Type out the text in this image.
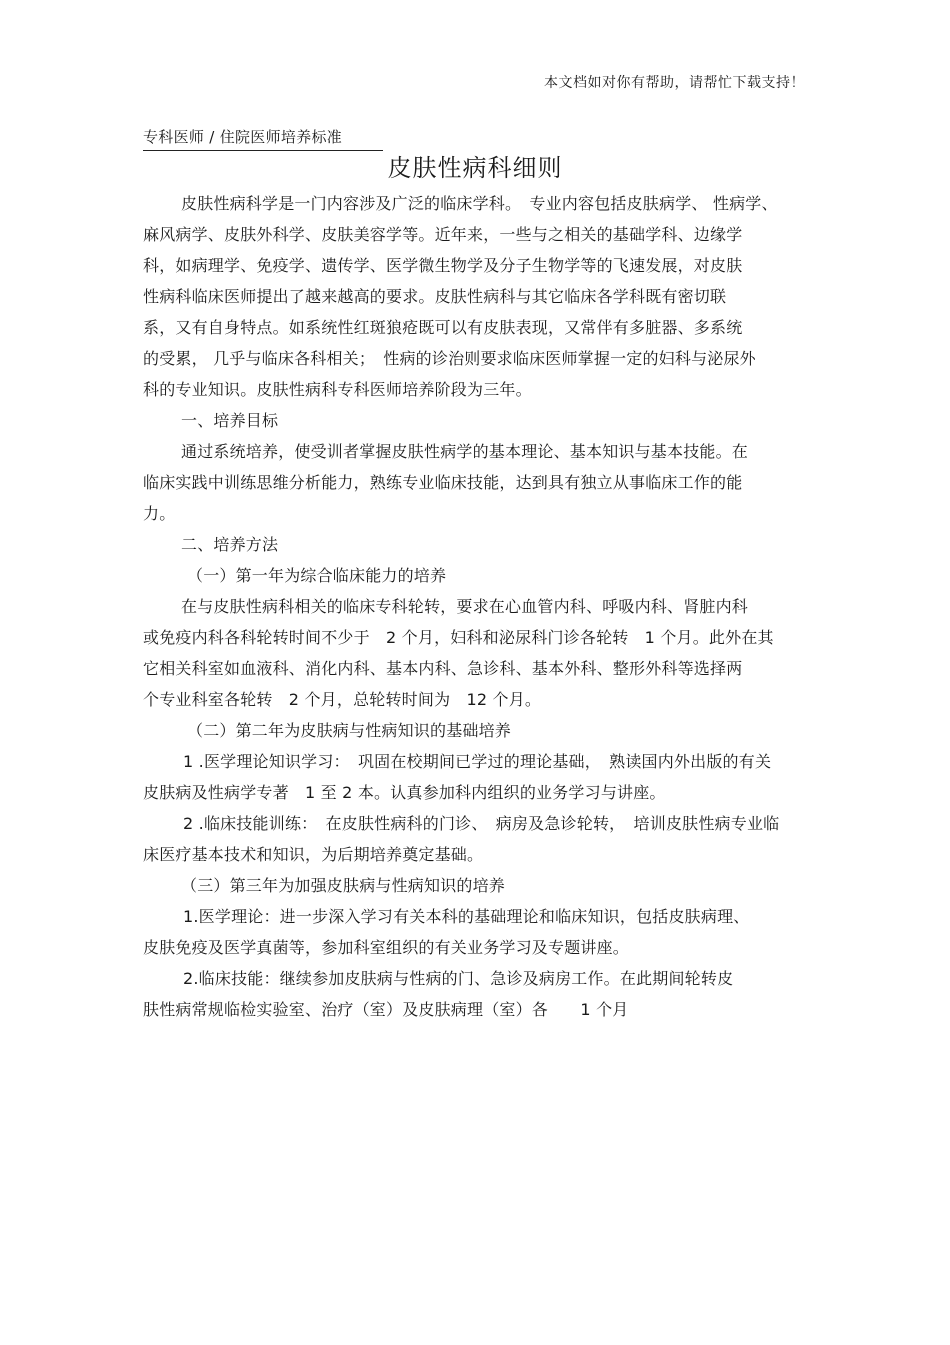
本文档如对你有帮助，请帮忙下载支持！
专科医师 / 住院医师培养标准
皮肤性病科细则
皮肤性病科学是一门内容涉及广泛的临床学科。　专业内容包括皮肤病学、 性病学、
麻风病学、皮肤外科学、皮肤美容学等。近年来，一些与之相关的基础学科、边缘学
科，如病理学、免疫学、遗传学、医学微生物学及分子生物学等的飞速发展，对皮肤
性病科临床医师提出了越来越高的要求。皮肤性病科与其它临床各学科既有密切联
系，又有自身特点。如系统性红斑狼疮既可以有皮肤表现，又常伴有多脏器、多系统
的受累， 几乎与临床各科相关；　性病的诊治则要求临床医师掌握一定的妇科与泌尿外
科的专业知识。皮肤性病科专科医师培养阶段为三年。
一、培养目标
通过系统培养，使受训者掌握皮肤性病学的基本理论、基本知识与基本技能。在
临床实践中训练思维分析能力，熟练专业临床技能，达到具有独立从事临床工作的能
力。
二、培养方法
（一）第一年为综合临床能力的培养
在与皮肤性病科相关的临床专科轮转，要求在心血管内科、呼吸内科、肾脏内科
或免疫内科各科轮转时间不少于　2 个月，妇科和泌尿科门诊各轮转　1 个月。此外在其
它相关科室如血液科、消化内科、基本内科、急诊科、基本外科、整形外科等选择两
个专业科室各轮转　2 个月，总轮转时间为　12 个月。
（二）第二年为皮肤病与性病知识的基础培养
1 .医学理论知识学习：　巩固在校期间已学过的理论基础，　熟读国内外出版的有关
皮肤病及性病学专著　1 至 2 本。认真参加科内组织的业务学习与讲座。
2 .临床技能训练：　在皮肤性病科的门诊、　病房及急诊轮转，　培训皮肤性病专业临
床医疗基本技术和知识，为后期培养奠定基础。
（三）第三年为加强皮肤病与性病知识的培养
1.医学理论：进一步深入学习有关本科的基础理论和临床知识，包括皮肤病理、
皮肤免疫及医学真菌等，参加科室组织的有关业务学习及专题讲座。
2.临床技能：继续参加皮肤病与性病的门、急诊及病房工作。在此期间轮转皮
肤性病常规临检实验室、治疗（室）及皮肤病理（室）各　　1 个月
